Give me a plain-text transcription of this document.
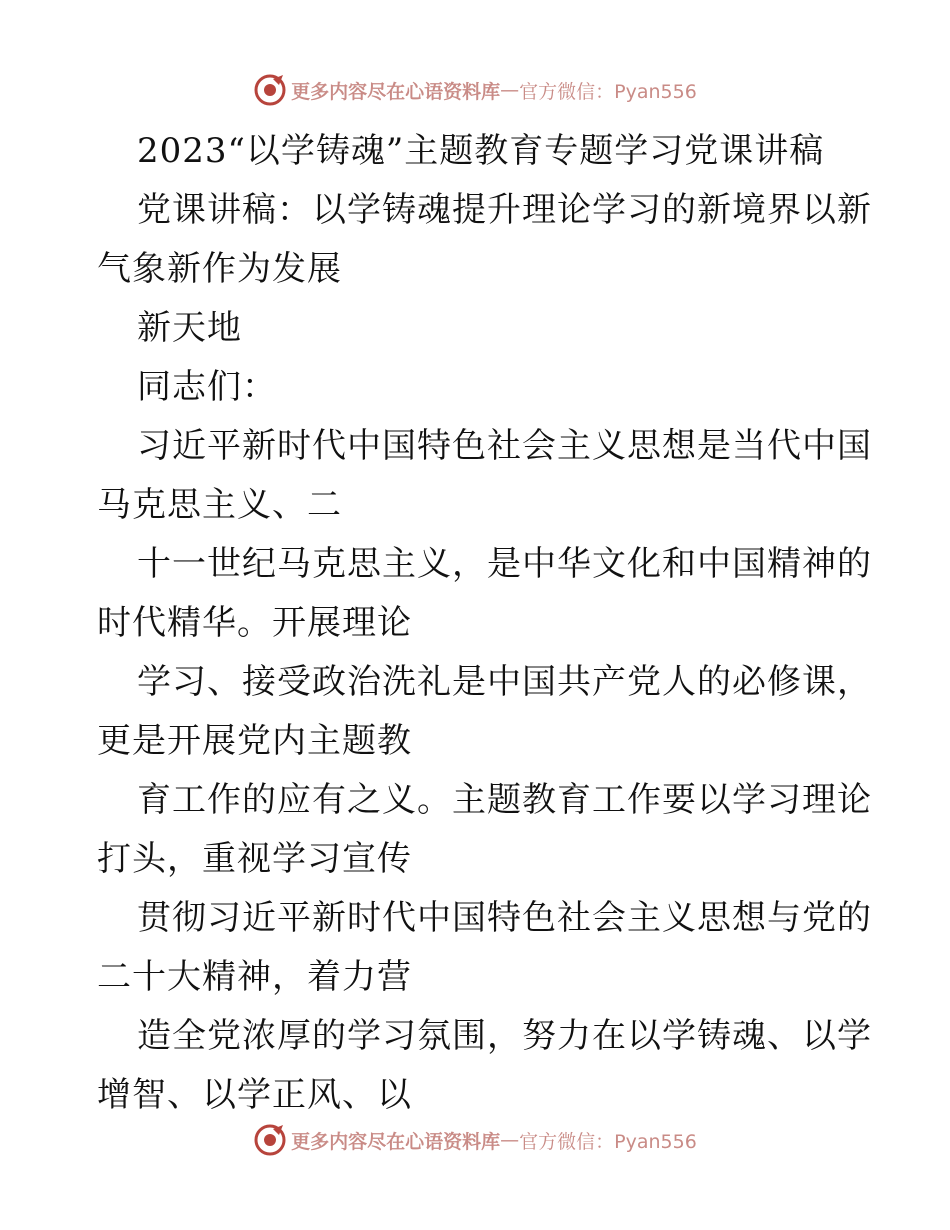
更多内容尽在心语资料库 — 官方微信：Pyan556
2023“以学铸魂”主题教育专题学习党课讲稿
党课讲稿：以学铸魂提升理论学习的新境界以新
气象新作为发展
新天地
同志们：
习近平新时代中国特色社会主义思想是当代中国
马克思主义、二
十一世纪马克思主义，是中华文化和中国精神的
时代精华。开展理论
学习、接受政治洗礼是中国共产党人的必修课，
更是开展党内主题教
育工作的应有之义。主题教育工作要以学习理论
打头，重视学习宣传
贯彻习近平新时代中国特色社会主义思想与党的
二十大精神，着力营
造全党浓厚的学习氛围，努力在以学铸魂、以学
增智、以学正风、以
更多内容尽在心语资料库 — 官方微信：Pyan556
